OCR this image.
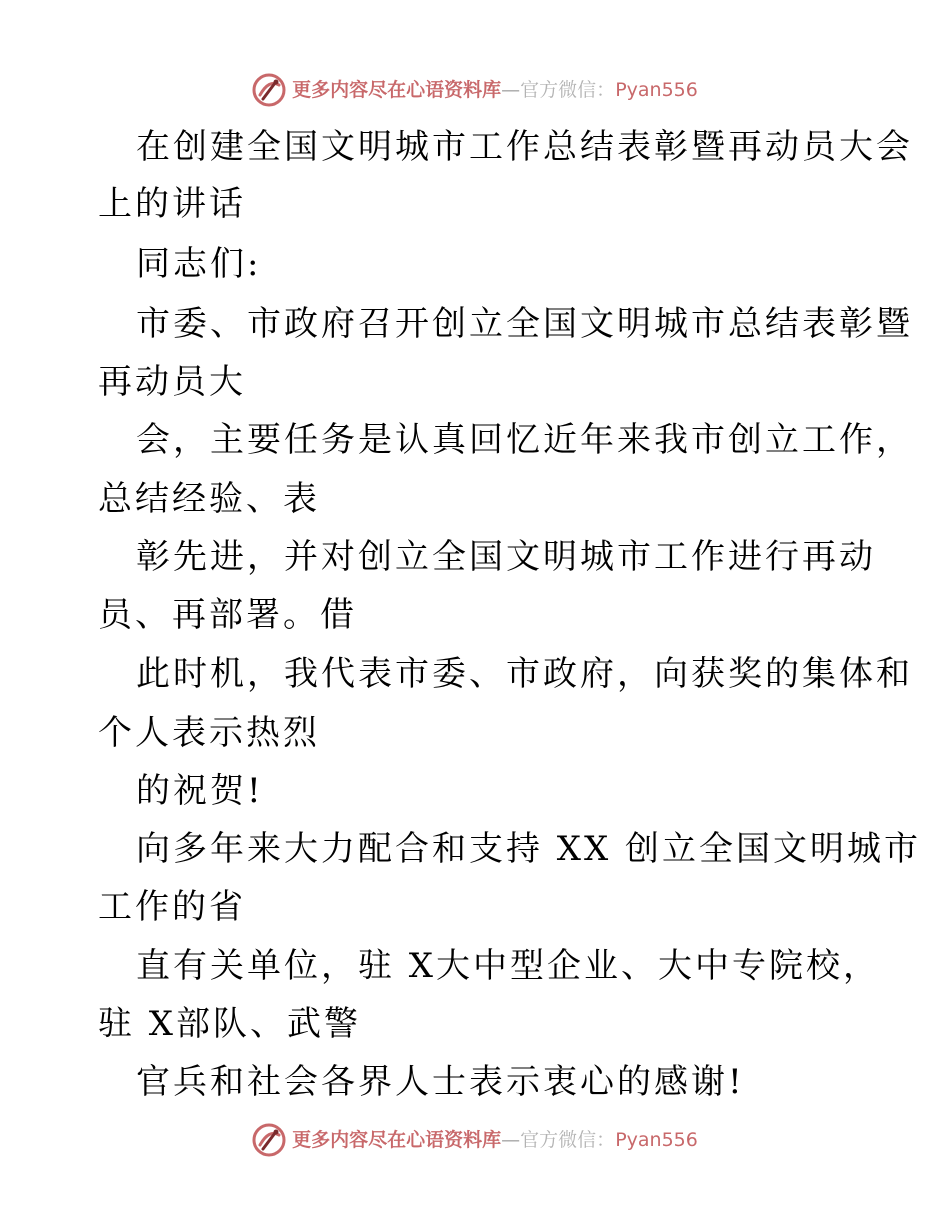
更多内容尽在心语资料库 — 官方微信： Pyan556
在创建全国文明城市工作总结表彰暨再动员大会
上的讲话
同志们:
市委、市政府召开创立全国文明城市总结表彰暨
再动员大
会，主要任务是认真回忆近年来我市创立工作，
总结经验、表
彰先进，并对创立全国文明城市工作进行再动
员、再部署。借
此时机，我代表市委、市政府，向获奖的集体和
个人表示热烈
的祝贺!
向多年来大力配合和支持 XX 创立全国文明城市
工作的省
直有关单位，驻 X大中型企业、大中专院校，
驻 X部队、武警
官兵和社会各界人士表示衷心的感谢!
更多内容尽在心语资料库 — 官方微信： Pyan556
